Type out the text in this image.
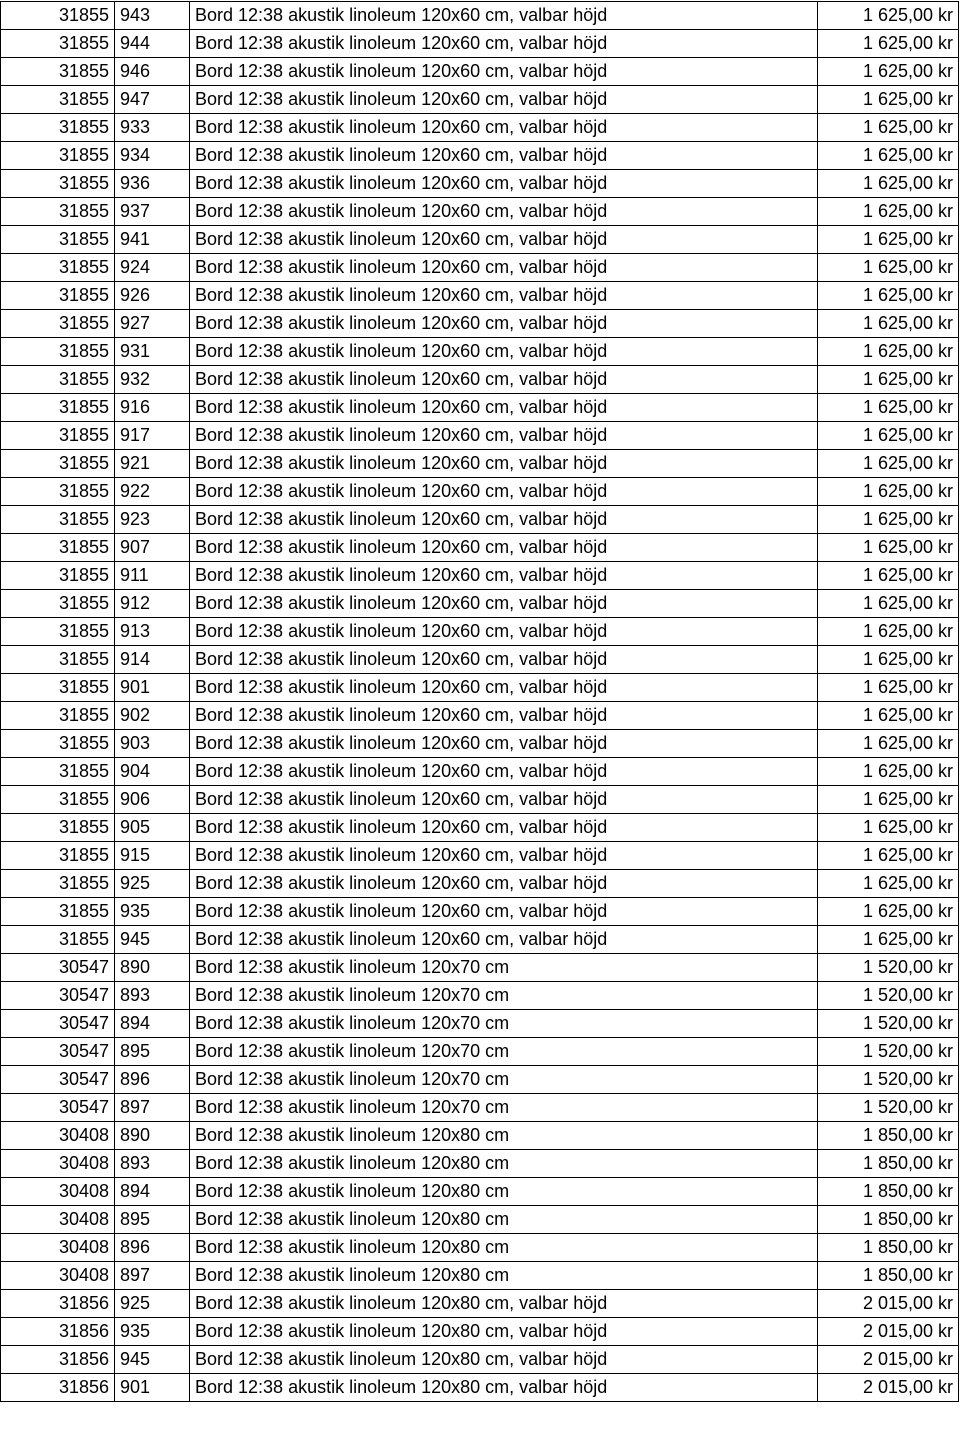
31855	943	Bord 12:38 akustik linoleum 120x60 cm, valbar höjd	1 625,00 kr
31855	944	Bord 12:38 akustik linoleum 120x60 cm, valbar höjd	1 625,00 kr
31855	946	Bord 12:38 akustik linoleum 120x60 cm, valbar höjd	1 625,00 kr
31855	947	Bord 12:38 akustik linoleum 120x60 cm, valbar höjd	1 625,00 kr
31855	933	Bord 12:38 akustik linoleum 120x60 cm, valbar höjd	1 625,00 kr
31855	934	Bord 12:38 akustik linoleum 120x60 cm, valbar höjd	1 625,00 kr
31855	936	Bord 12:38 akustik linoleum 120x60 cm, valbar höjd	1 625,00 kr
31855	937	Bord 12:38 akustik linoleum 120x60 cm, valbar höjd	1 625,00 kr
31855	941	Bord 12:38 akustik linoleum 120x60 cm, valbar höjd	1 625,00 kr
31855	924	Bord 12:38 akustik linoleum 120x60 cm, valbar höjd	1 625,00 kr
31855	926	Bord 12:38 akustik linoleum 120x60 cm, valbar höjd	1 625,00 kr
31855	927	Bord 12:38 akustik linoleum 120x60 cm, valbar höjd	1 625,00 kr
31855	931	Bord 12:38 akustik linoleum 120x60 cm, valbar höjd	1 625,00 kr
31855	932	Bord 12:38 akustik linoleum 120x60 cm, valbar höjd	1 625,00 kr
31855	916	Bord 12:38 akustik linoleum 120x60 cm, valbar höjd	1 625,00 kr
31855	917	Bord 12:38 akustik linoleum 120x60 cm, valbar höjd	1 625,00 kr
31855	921	Bord 12:38 akustik linoleum 120x60 cm, valbar höjd	1 625,00 kr
31855	922	Bord 12:38 akustik linoleum 120x60 cm, valbar höjd	1 625,00 kr
31855	923	Bord 12:38 akustik linoleum 120x60 cm, valbar höjd	1 625,00 kr
31855	907	Bord 12:38 akustik linoleum 120x60 cm, valbar höjd	1 625,00 kr
31855	911	Bord 12:38 akustik linoleum 120x60 cm, valbar höjd	1 625,00 kr
31855	912	Bord 12:38 akustik linoleum 120x60 cm, valbar höjd	1 625,00 kr
31855	913	Bord 12:38 akustik linoleum 120x60 cm, valbar höjd	1 625,00 kr
31855	914	Bord 12:38 akustik linoleum 120x60 cm, valbar höjd	1 625,00 kr
31855	901	Bord 12:38 akustik linoleum 120x60 cm, valbar höjd	1 625,00 kr
31855	902	Bord 12:38 akustik linoleum 120x60 cm, valbar höjd	1 625,00 kr
31855	903	Bord 12:38 akustik linoleum 120x60 cm, valbar höjd	1 625,00 kr
31855	904	Bord 12:38 akustik linoleum 120x60 cm, valbar höjd	1 625,00 kr
31855	906	Bord 12:38 akustik linoleum 120x60 cm, valbar höjd	1 625,00 kr
31855	905	Bord 12:38 akustik linoleum 120x60 cm, valbar höjd	1 625,00 kr
31855	915	Bord 12:38 akustik linoleum 120x60 cm, valbar höjd	1 625,00 kr
31855	925	Bord 12:38 akustik linoleum 120x60 cm, valbar höjd	1 625,00 kr
31855	935	Bord 12:38 akustik linoleum 120x60 cm, valbar höjd	1 625,00 kr
31855	945	Bord 12:38 akustik linoleum 120x60 cm, valbar höjd	1 625,00 kr
30547	890	Bord 12:38 akustik linoleum 120x70 cm	1 520,00 kr
30547	893	Bord 12:38 akustik linoleum 120x70 cm	1 520,00 kr
30547	894	Bord 12:38 akustik linoleum 120x70 cm	1 520,00 kr
30547	895	Bord 12:38 akustik linoleum 120x70 cm	1 520,00 kr
30547	896	Bord 12:38 akustik linoleum 120x70 cm	1 520,00 kr
30547	897	Bord 12:38 akustik linoleum 120x70 cm	1 520,00 kr
30408	890	Bord 12:38 akustik linoleum 120x80 cm	1 850,00 kr
30408	893	Bord 12:38 akustik linoleum 120x80 cm	1 850,00 kr
30408	894	Bord 12:38 akustik linoleum 120x80 cm	1 850,00 kr
30408	895	Bord 12:38 akustik linoleum 120x80 cm	1 850,00 kr
30408	896	Bord 12:38 akustik linoleum 120x80 cm	1 850,00 kr
30408	897	Bord 12:38 akustik linoleum 120x80 cm	1 850,00 kr
31856	925	Bord 12:38 akustik linoleum 120x80 cm, valbar höjd	2 015,00 kr
31856	935	Bord 12:38 akustik linoleum 120x80 cm, valbar höjd	2 015,00 kr
31856	945	Bord 12:38 akustik linoleum 120x80 cm, valbar höjd	2 015,00 kr
31856	901	Bord 12:38 akustik linoleum 120x80 cm, valbar höjd	2 015,00 kr
